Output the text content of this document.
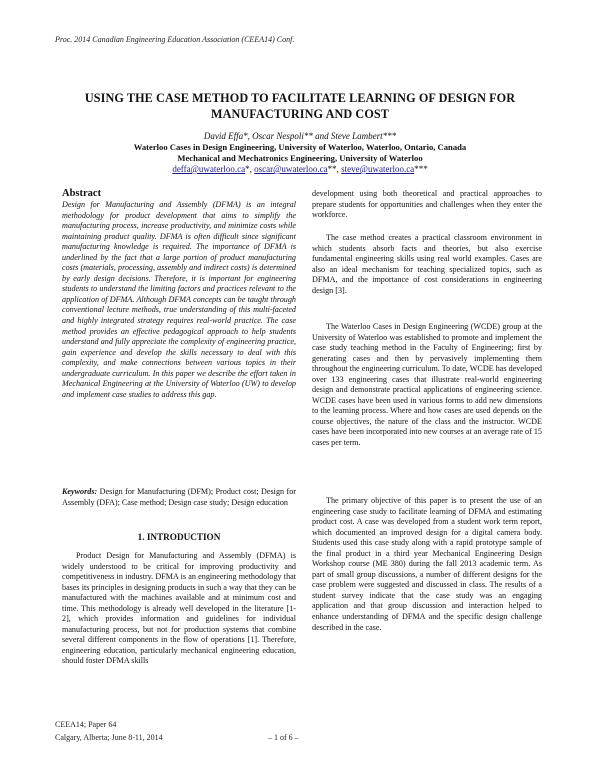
Proc. 2014 Canadian Engineering Education Association (CEEA14) Conf.
USING THE CASE METHOD TO FACILITATE LEARNING OF DESIGN FOR MANUFACTURING AND COST
David Effa*, Oscar Nespoli** and Steve Lambert***
Waterloo Cases in Design Engineering, University of Waterloo, Waterloo, Ontario, Canada
Mechanical and Mechatronics Engineering, University of Waterloo
deffa@uwaterloo.ca*, oscar@uwaterloo.ca**, steve@uwaterloo.ca***
Abstract
Design for Manufacturing and Assembly (DFMA) is an integral methodology for product development that aims to simplify the manufacturing process, increase productivity, and minimize costs while maintaining product quality. DFMA is often difficult since significant manufacturing knowledge is required. The importance of DFMA is underlined by the fact that a large portion of product manufacturing costs (materials, processing, assembly and indirect costs) is determined by early design decisions. Therefore, it is important for engineering students to understand the limiting factors and practices relevant to the application of DFMA. Although DFMA concepts can be taught through conventional lecture methods, true understanding of this multi-faceted and highly integrated strategy requires real-world practice. The case method provides an effective pedagogical approach to help students understand and fully appreciate the complexity of engineering practice, gain experience and develop the skills necessary to deal with this complexity, and make connections between various topics in their undergraduate curriculum. In this paper we describe the effort taken in Mechanical Engineering at the University of Waterloo (UW) to develop and implement case studies to address this gap.
Keywords: Design for Manufacturing (DFM); Product cost; Design for Assembly (DFA); Case method; Design case study; Design education
1. INTRODUCTION
Product Design for Manufacturing and Assembly (DFMA) is widely understood to be critical for improving productivity and competitiveness in industry. DFMA is an engineering methodology that bases its principles in designing products in such a way that they can be manufactured with the machines available and at minimum cost and time. This methodology is already well developed in the literature [1-2], which provides information and guidelines for individual manufacturing process, but not for production systems that combine several different components in the flow of operations [1]. Therefore, engineering education, particularly mechanical engineering education, should foster DFMA skills
development using both theoretical and practical approaches to prepare students for opportunities and challenges when they enter the workforce.
The case method creates a practical classroom environment in which students absorb facts and theories, but also exercise fundamental engineering skills using real world examples. Cases are also an ideal mechanism for teaching specialized topics, such as DFMA, and the importance of cost considerations in engineering design [3].
The Waterloo Cases in Design Engineering (WCDE) group at the University of Waterloo was established to promote and implement the case study teaching method in the Faculty of Engineering; first by generating cases and then by pervasively implementing them throughout the engineering curriculum. To date, WCDE has developed over 133 engineering cases that illustrate real-world engineering design and demonstrate practical applications of engineering science. WCDE cases have been used in various forms to add new dimensions to the learning process. Where and how cases are used depends on the course objectives, the nature of the class and the instructor. WCDE cases have been incorporated into new courses at an average rate of 15 cases per term.
The primary objective of this paper is to present the use of an engineering case study to facilitate learning of DFMA and estimating product cost. A case was developed from a student work term report, which documented an improved design for a digital camera body. Students used this case study along with a rapid prototype sample of the final product in a third year Mechanical Engineering Design Workshop course (ME 380) during the fall 2013 academic term. As part of small group discussions, a number of different designs for the case problem were suggested and discussed in class. The results of a student survey indicate that the case study was an engaging application and that group discussion and interaction helped to enhance understanding of DFMA and the specific design challenge described in the case.
CEEA14; Paper 64
Calgary, Alberta; June 8-11, 2014	– 1 of 6 –
